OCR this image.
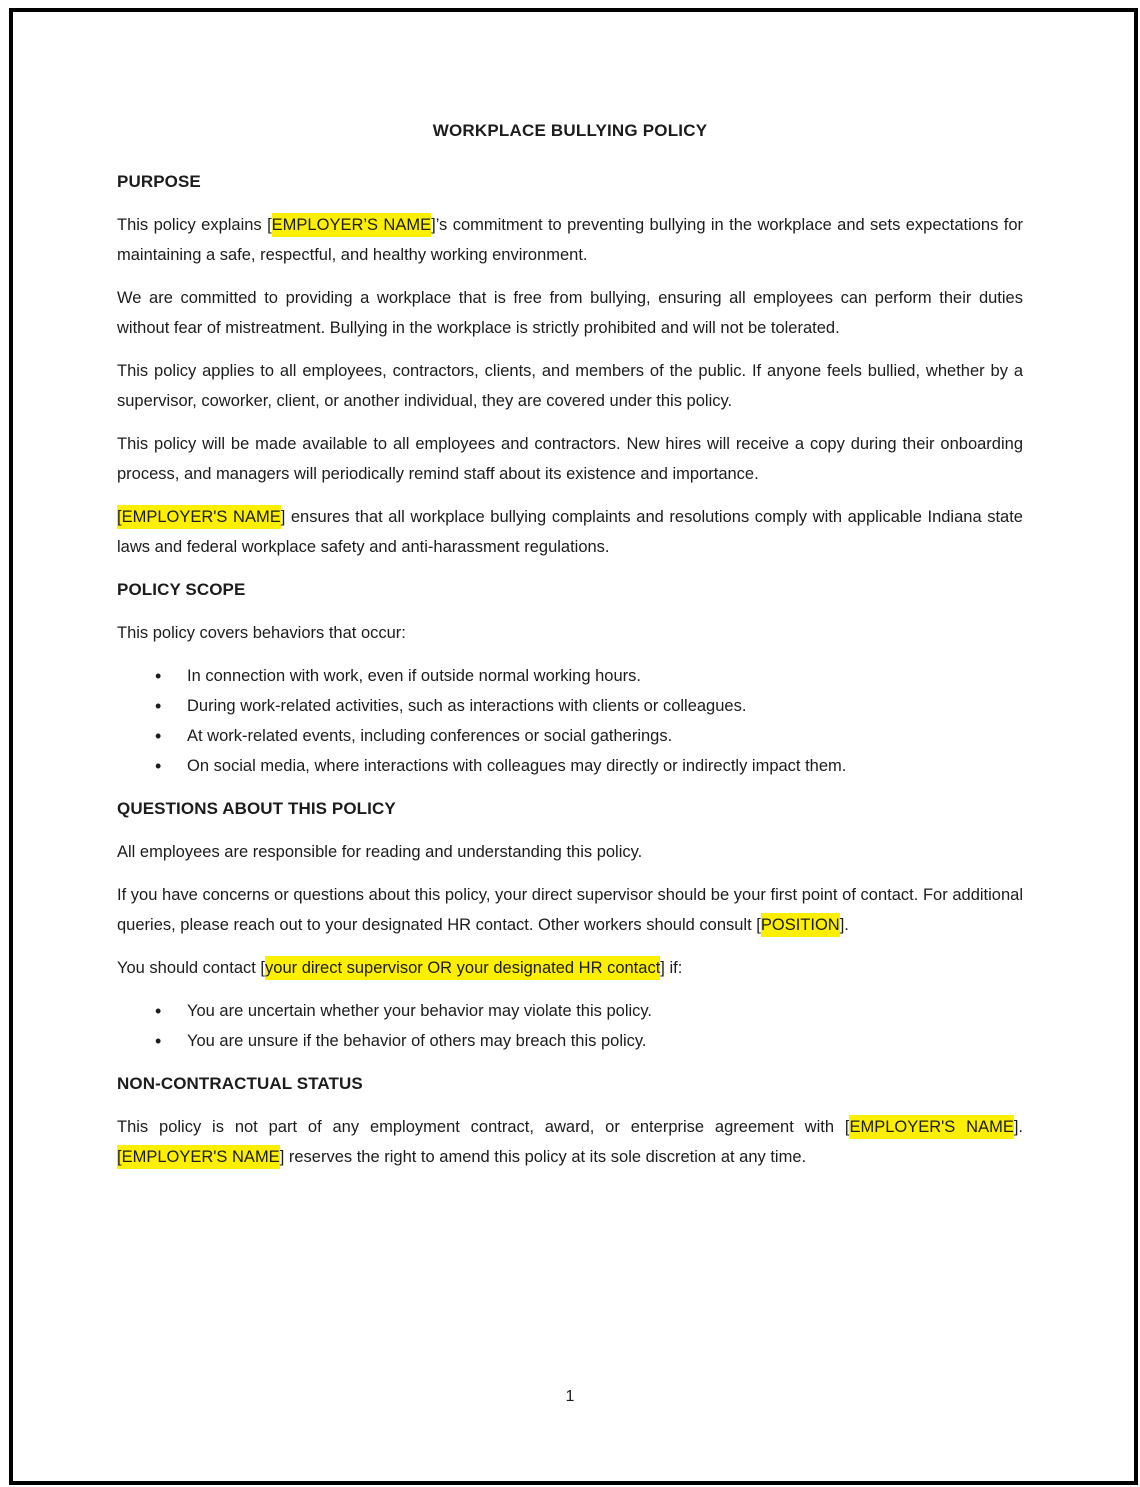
WORKPLACE BULLYING POLICY
PURPOSE

This policy explains [EMPLOYER’S NAME]’s commitment to preventing bullying in the workplace and sets expectations for maintaining a safe, respectful, and healthy working environment.

We are committed to providing a workplace that is free from bullying, ensuring all employees can perform their duties without fear of mistreatment. Bullying in the workplace is strictly prohibited and will not be tolerated.

This policy applies to all employees, contractors, clients, and members of the public. If anyone feels bullied, whether by a supervisor, coworker, client, or another individual, they are covered under this policy.

This policy will be made available to all employees and contractors. New hires will receive a copy during their onboarding process, and managers will periodically remind staff about its existence and importance.

[EMPLOYER'S NAME] ensures that all workplace bullying complaints and resolutions comply with applicable Indiana state laws and federal workplace safety and anti-harassment regulations.

POLICY SCOPE

This policy covers behaviors that occur:

• In connection with work, even if outside normal working hours.
• During work-related activities, such as interactions with clients or colleagues.
• At work-related events, including conferences or social gatherings.
• On social media, where interactions with colleagues may directly or indirectly impact them.
QUESTIONS ABOUT THIS POLICY

All employees are responsible for reading and understanding this policy.

If you have concerns or questions about this policy, your direct supervisor should be your first point of contact. For additional queries, please reach out to your designated HR contact. Other workers should consult [POSITION].

You should contact [your direct supervisor OR your designated HR contact] if:

• You are uncertain whether your behavior may violate this policy.
• You are unsure if the behavior of others may breach this policy.
NON-CONTRACTUAL STATUS

This policy is not part of any employment contract, award, or enterprise agreement with [EMPLOYER'S NAME]. [EMPLOYER'S NAME] reserves the right to amend this policy at its sole discretion at any time.

1
